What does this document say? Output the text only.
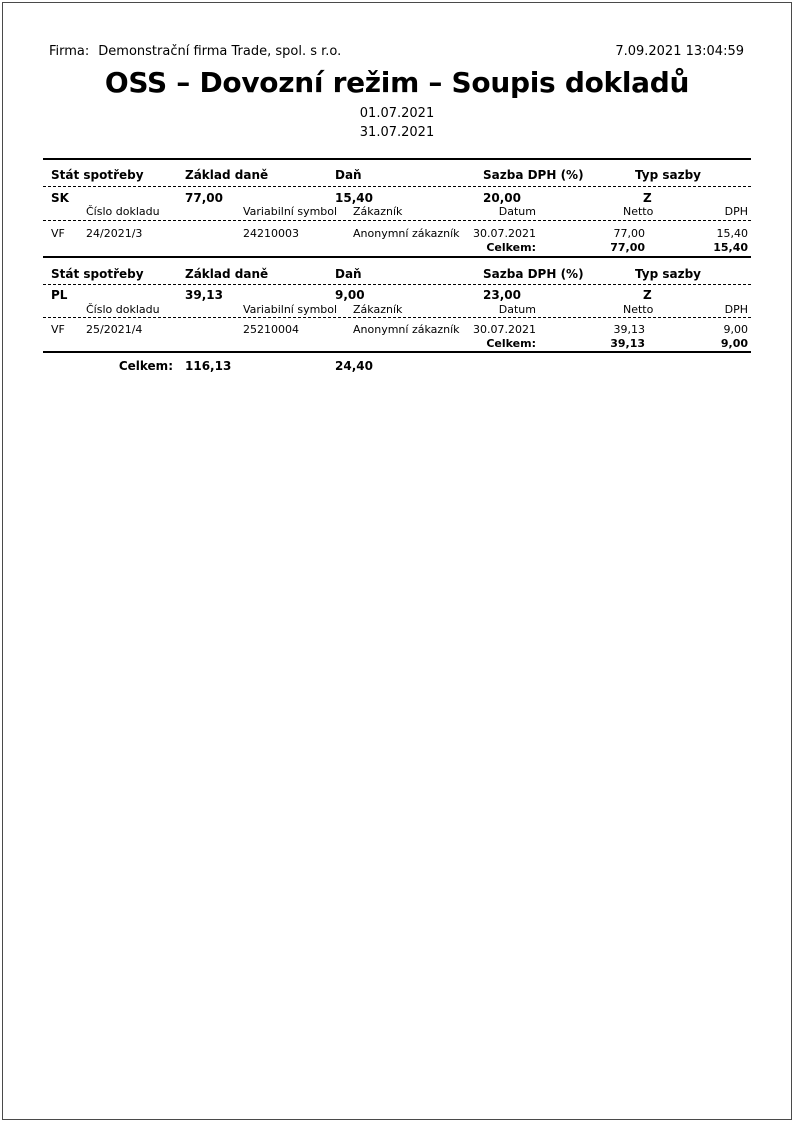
Firma: Demonstrační firma Trade, spol. s r.o.	7.09.2021 13:04:59
OSS – Dovozní režim – Soupis dokladů
01.07.2021
31.07.2021
Stát spotřeby	Základ daně	Daň	Sazba DPH (%)	Typ sazby
SK	77,00	15,40	20,00	Z
Číslo dokladu	Variabilní symbol Zákazník	Datum	Netto	DPH
VF 24/2021/3	24210003	Anonymní zákazník 30.07.2021	77,00	15,40
Celkem:	77,00	15,40
Stát spotřeby	Základ daně	Daň	Sazba DPH (%)	Typ sazby
PL	39,13	9,00	23,00	Z
Číslo dokladu	Variabilní symbol Zákazník	Datum	Netto	DPH
VF 25/2021/4	25210004	Anonymní zákazník 30.07.2021	39,13	9,00
Celkem:	39,13	9,00
Celkem: 116,13	24,40
